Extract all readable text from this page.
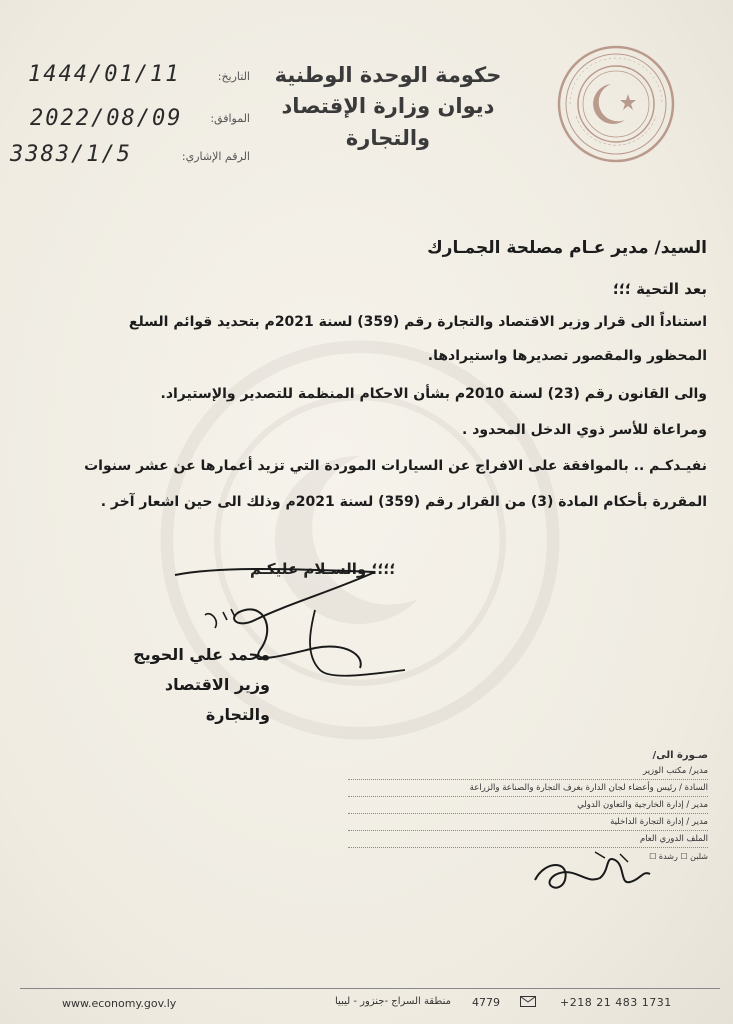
حكومة الوحدة الوطنية
ديوان وزارة الإقتصاد والتجارة
التاريخ:
1444/01/11
الموافق:
2022/08/09
الرقم الإشاري:
3383/1/5
السيد/ مدير عـام مصلحة الجمـارك
بعد التحية ؛؛؛
استناداً الى قرار وزير الاقتصاد والتجارة رقم (359) لسنة 2021م بتحديد قوائم السلع
المحظور والمقصور تصديرها واستيرادها.
والى القانون رقم (23) لسنة 2010م بشأن الاحكام المنظمة للتصدير والإستيراد.
ومراعاة للأسر ذوي الدخل المحدود .
نفيـدكـم .. بالموافقة على الافراج عن السيارات الموردة التي تزيد أعمارها عن عشر سنوات
المقررة بأحكام المادة (3) من القرار رقم (359) لسنة 2021م وذلك الى حين اشعار آخر .
؛؛؛؛ والسـلام عليكـم
محمد علي الحويج
وزير الاقتصاد والتجارة
صـورة الى/
مدير/ مكتب الوزير
السادة / رئيس وأعضاء لجان الدارة بغرف التجارة والصناعة والزراعة
مدير / إدارة الخارجية والتعاون الدولي
مدير / إدارة التجارة الداخلية
الملف الدوري العام
شلبن ☐ رشدة ☐
www.economy.gov.ly	منطقة السراج -جنزور - ليبيا 4779	+218 21 483 1731
